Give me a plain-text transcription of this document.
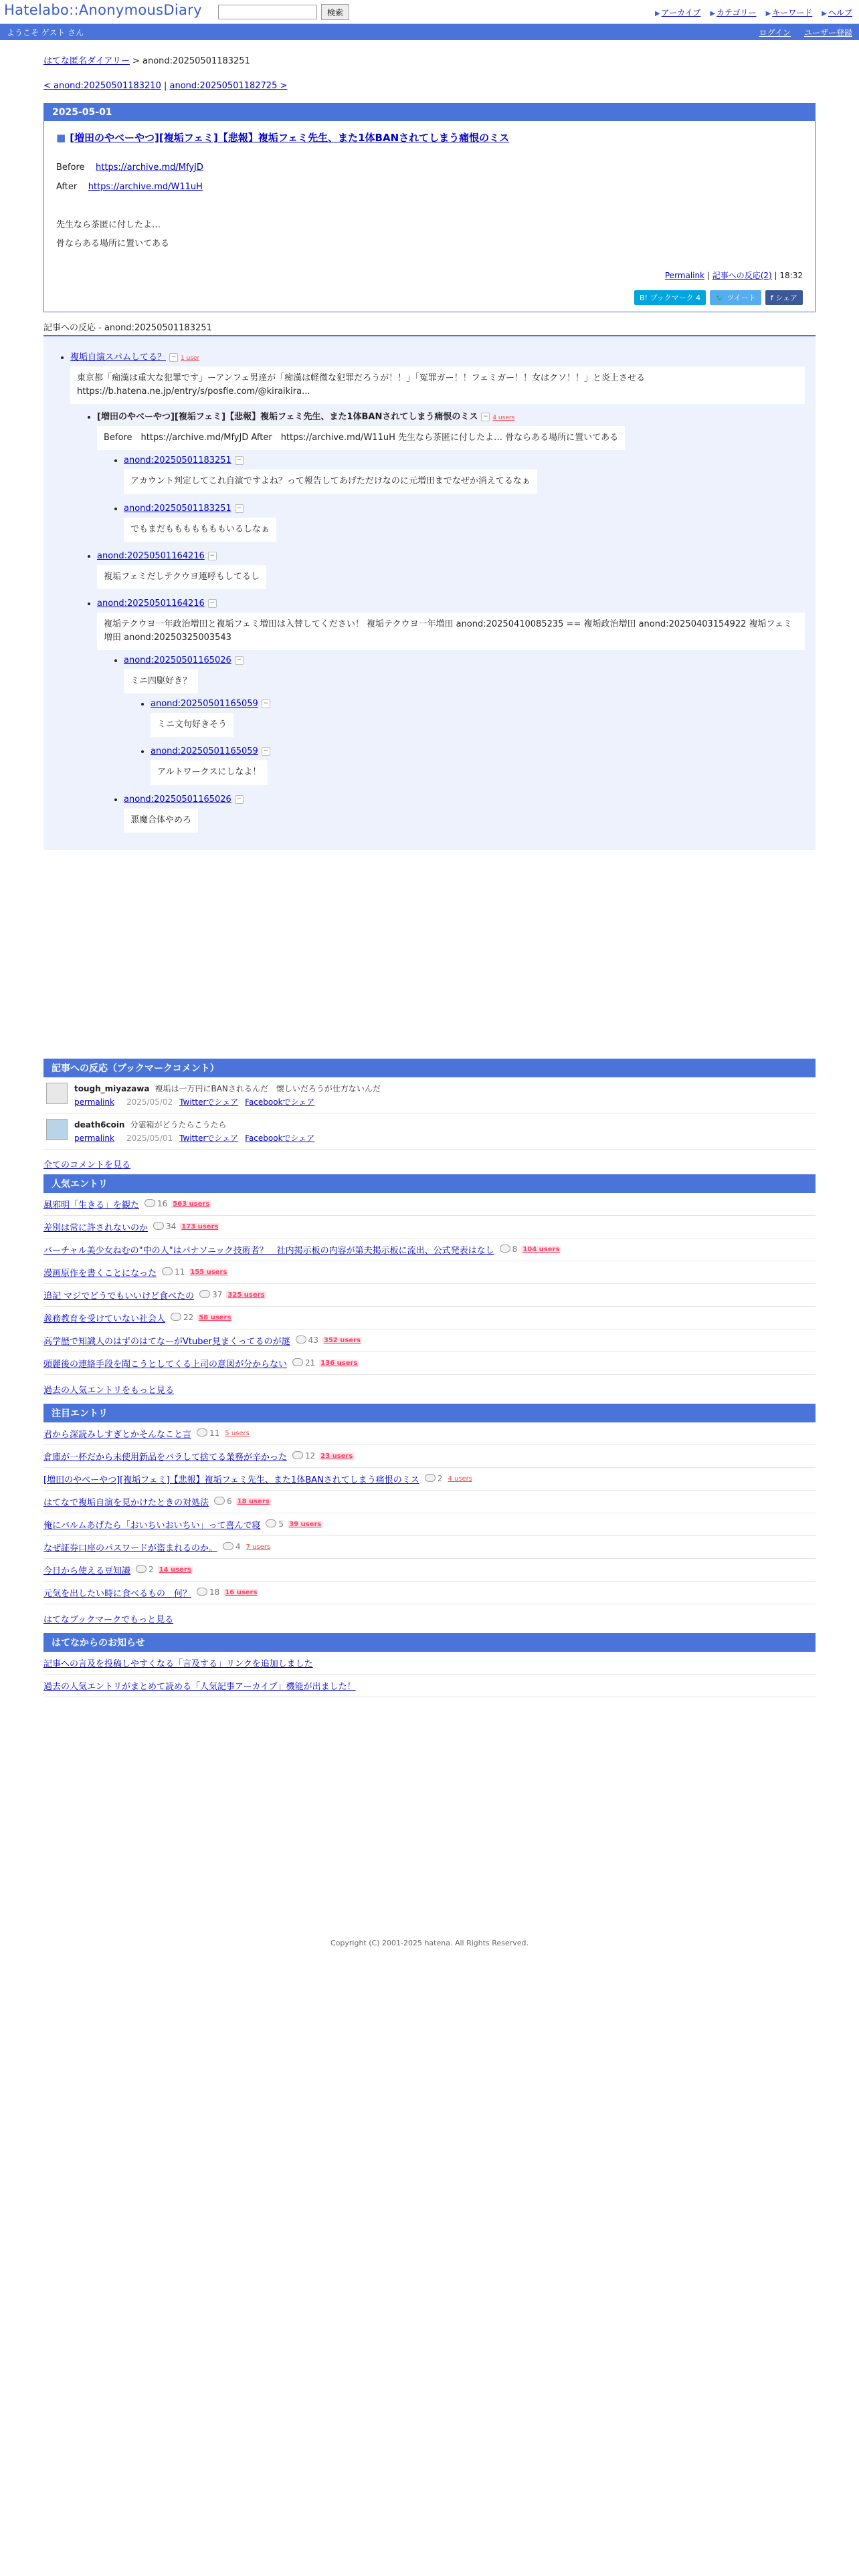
Hatelabo::AnonymousDiary	検索	▶ アーカイブ ▶ カテゴリー ▶ キーワード ▶ ヘルプ
ようこそ ゲスト さん	ログイン ユーザー登録
はてな匿名ダイアリー > anond:20250501183251
< anond:20250501183210 | anond:20250501182725 >
2025-05-01
■ [増田のやべーやつ][複垢フェミ]【悲報】複垢フェミ先生、また1体BANされてしまう痛恨のミス

Before https://archive.md/MfyJD

After https://archive.md/W11uH

先生なら茶匿に付したよ…

骨ならある場所に置いてある

Permalink | 記事への反応(2) | 18:32
B! ブックマーク 4	🐦 ツイート	f シェア
記事への反応 - anond:20250501183251
• 複垢自演スパムしてる？ − 1 user
東京都「痴漢は重大な犯罪です」ーアンフェ男達が「痴漢は軽微な犯罪だろうが！！」「冤罪ガー！！フェミガー！！女はクソ！！」と炎上させる https://b.hatena.ne.jp/entry/s/posfie.com/@kiraikira...
• [増田のやべーやつ][複垢フェミ]【悲報】複垢フェミ先生、また1体BANされてしまう痛恨のミス − 4 users
Before　https://archive.md/MfyJD After　https://archive.md/W11uH 先生なら茶匿に付したよ… 骨ならある場所に置いてある
• anond:20250501183251 −
アカウント判定してこれ自演ですよね？って報告してあげただけなのに元増田までなぜか消えてるなぁ
• anond:20250501183251 −
でもまだもももももももいるしなぁ
• anond:20250501164216 −
複垢フェミだしテクウヨ連呼もしてるし
• anond:20250501164216 −
複垢テクウヨ一年政治増田と複垢フェミ増田は入替してください！ 複垢テクウヨ一年増田 anond:20250410085235 == 複垢政治増田 anond:20250403154922 複垢フェミ増田 anond:20250325003543
• anond:20250501165026 −
ミニ四駆好き？
• anond:20250501165059 −
ミニ文句好きそう
• anond:20250501165059 −
アルトワークスにしなよ！
• anond:20250501165026 −
悪魔合体やめろ
記事への反応（ブックマークコメント）
tough_miyazawa 複垢は一万円にBANされるんだ　懐しいだろうが仕方ないんだ
permalink 2025/05/02 Twitterでシェア Facebookでシェア
death6coin 分霊箱がどうたらこうたら
permalink 2025/05/01 Twitterでシェア Facebookでシェア
全てのコメントを見る
人気エントリ
風邪明「生きる」を観た	16 563 users
差別は常に許されないのか	34 173 users
バーチャル美少女ねむの"中の人"はパナソニック技術者？　社内掲示板の内容が第夫掲示板に流出、公式発表はなし	8 104 users
漫画原作を書くことになった	11 155 users
追記 マジでどうでもいいけど食べたの	37 325 users
義務教育を受けていない社会人	22 58 users
高学歴で知識人のはずのはてなーがVtuber見まくってるのが謎	43 352 users
頭麗後の連絡手段を聞こうとしてくる上司の意図が分からない	21 136 users
過去の人気エントリをもっと見る
注目エントリ
君から深読みしすぎとかそんなこと言	11 5 users
倉庫が一杯だから未使用新品をバラして捨てる業務が辛かった	12 23 users
[増田のやべーやつ][複垢フェミ]【悲報】複垢フェミ先生、また1体BANされてしまう痛恨のミス	2 4 users
はてなで複垢自演を見かけたときの対処法	6 18 users
俺にバルムあげたら「おいちいおいちい」って喜んで寝	5 39 users
なぜ証券口座のパスワードが盗まれるのか。	4 7 users
今日から使える豆知識	2 14 users
元気を出したい時に食べるもの　何？	18 16 users
はてなブックマークでもっと見る
はてなからのお知らせ
記事への言及を投稿しやすくなる「言及する」リンクを追加しました
過去の人気エントリがまとめて読める「人気記事アーカイブ」機能が出ました！
Copyright (C) 2001-2025 hatena. All Rights Reserved.
